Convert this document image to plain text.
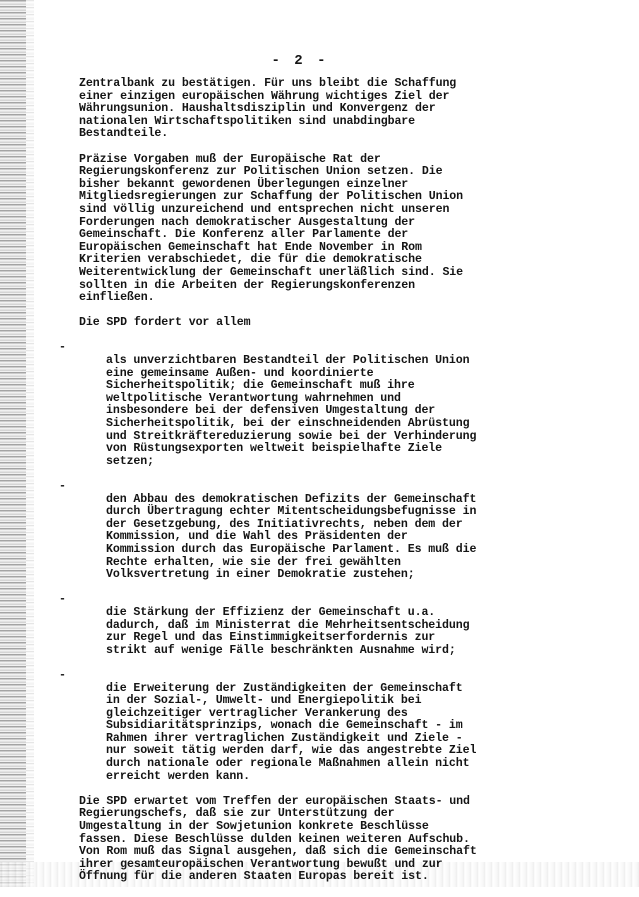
- 2 -

Zentralbank zu bestätigen. Für uns bleibt die Schaffung
einer einzigen europäischen Währung wichtiges Ziel der
Währungsunion. Haushaltsdisziplin und Konvergenz der
nationalen Wirtschaftspolitiken sind unabdingbare
Bestandteile.

Präzise Vorgaben muß der Europäische Rat der
Regierungskonferenz zur Politischen Union setzen. Die
bisher bekannt gewordenen Überlegungen einzelner
Mitgliedsregierungen zur Schaffung der Politischen Union
sind völlig unzureichend und entsprechen nicht unseren
Forderungen nach demokratischer Ausgestaltung der
Gemeinschaft. Die Konferenz aller Parlamente der
Europäischen Gemeinschaft hat Ende November in Rom
Kriterien verabschiedet, die für die demokratische
Weiterentwicklung der Gemeinschaft unerläßlich sind. Sie
sollten in die Arbeiten der Regierungskonferenzen
einfließen.

Die SPD fordert vor allem

-
als unverzichtbaren Bestandteil der Politischen Union
eine gemeinsame Außen- und koordinierte
Sicherheitspolitik; die Gemeinschaft muß ihre
weltpolitische Verantwortung wahrnehmen und
insbesondere bei der defensiven Umgestaltung der
Sicherheitspolitik, bei der einschneidenden Abrüstung
und Streitkräftereduzierung sowie bei der Verhinderung
von Rüstungsexporten weltweit beispielhafte Ziele
setzen;

-
den Abbau des demokratischen Defizits der Gemeinschaft
durch Übertragung echter Mitentscheidungsbefugnisse in
der Gesetzgebung, des Initiativrechts, neben dem der
Kommission, und die Wahl des Präsidenten der
Kommission durch das Europäische Parlament. Es muß die
Rechte erhalten, wie sie der frei gewählten
Volksvertretung in einer Demokratie zustehen;

-
die Stärkung der Effizienz der Gemeinschaft u.a.
dadurch, daß im Ministerrat die Mehrheitsentscheidung
zur Regel und das Einstimmigkeitserfordernis zur
strikt auf wenige Fälle beschränkten Ausnahme wird;

-
die Erweiterung der Zuständigkeiten der Gemeinschaft
in der Sozial-, Umwelt- und Energiepolitik bei
gleichzeitiger vertraglicher Verankerung des
Subsidiaritätsprinzips, wonach die Gemeinschaft - im
Rahmen ihrer vertraglichen Zuständigkeit und Ziele -
nur soweit tätig werden darf, wie das angestrebte Ziel
durch nationale oder regionale Maßnahmen allein nicht
erreicht werden kann.

Die SPD erwartet vom Treffen der europäischen Staats- und
Regierungschefs, daß sie zur Unterstützung der
Umgestaltung in der Sowjetunion konkrete Beschlüsse
fassen. Diese Beschlüsse dulden keinen weiteren Aufschub.
Von Rom muß das Signal ausgehen, daß sich die Gemeinschaft
ihrer gesamteuropäischen Verantwortung bewußt und zur
Öffnung für die anderen Staaten Europas bereit ist.
